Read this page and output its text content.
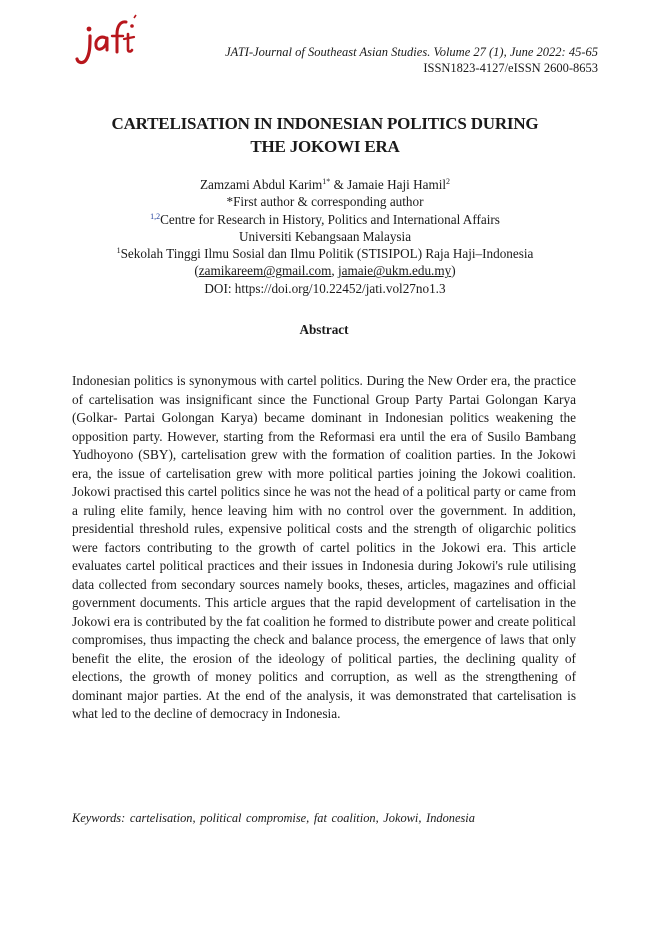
JATI-Journal of Southeast Asian Studies. Volume 27 (1), June 2022: 45-65
ISSN1823-4127/eISSN 2600-8653
CARTELISATION IN INDONESIAN POLITICS DURING
THE JOKOWI ERA
Zamzami Abdul Karim$^{1*}$ & Jamaie Haji Hamil$^2$
*First author & corresponding author
$^{1,2}$Centre for Research in History, Politics and International Affairs
Universiti Kebangsaan Malaysia
$^1$Sekolah Tinggi Ilmu Sosial dan Ilmu Politik (STISIPOL) Raja Haji–Indonesia
(zamikareem@gmail.com, jamaie@ukm.edu.my)
DOI: https://doi.org/10.22452/jati.vol27no1.3
Abstract
Indonesian politics is synonymous with cartel politics. During the New Order era, the practice of cartelisation was insignificant since the Functional Group Party Partai Golongan Karya (Golkar- Partai Golongan Karya) became dominant in Indonesian politics weakening the opposition party. However, starting from the Reformasi era until the era of Susilo Bambang Yudhoyono (SBY), cartelisation grew with the formation of coalition parties. In the Jokowi era, the issue of cartelisation grew with more political parties joining the Jokowi coalition. Jokowi practised this cartel politics since he was not the head of a political party or came from a ruling elite family, hence leaving him with no control over the government. In addition, presidential threshold rules, expensive political costs and the strength of oligarchic politics were factors contributing to the growth of cartel politics in the Jokowi era. This article evaluates cartel political practices and their issues in Indonesia during Jokowi's rule utilising data collected from secondary sources namely books, theses, articles, magazines and official government documents. This article argues that the rapid development of cartelisation in the Jokowi era is contributed by the fat coalition he formed to distribute power and create political compromises, thus impacting the check and balance process, the emergence of laws that only benefit the elite, the erosion of the ideology of political parties, the declining quality of elections, the growth of money politics and corruption, as well as the strengthening of dominant major parties. At the end of the analysis, it was demonstrated that cartelisation is what led to the decline of democracy in Indonesia.
Keywords: cartelisation, political compromise, fat coalition, Jokowi, Indonesia
